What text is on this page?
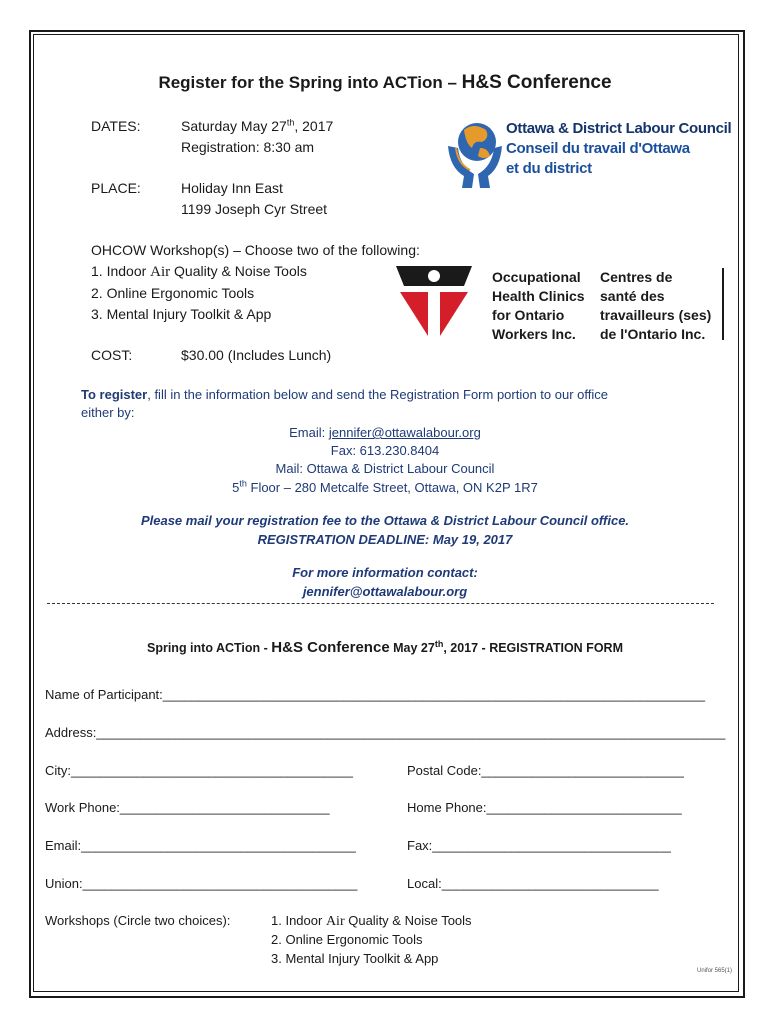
Register for the Spring into ACTion – H&S Conference
DATES:	Saturday May 27th, 2017
Registration: 8:30 am
PLACE:	Holiday Inn East
1199 Joseph Cyr Street
Ottawa & District Labour Council
Conseil du travail d'Ottawa
et du district
OHCOW Workshop(s) – Choose two of the following:
1. Indoor Air Quality & Noise Tools
2. Online Ergonomic Tools
3. Mental Injury Toolkit & App
Occupational
Health Clinics
for Ontario
Workers Inc.
Centres de
santé des
travailleurs (ses)
de l'Ontario Inc.
COST:	$30.00 (Includes Lunch)
To register, fill in the information below and send the Registration Form portion to our office
either by:
Email: jennifer@ottawalabour.org
Fax: 613.230.8404
Mail: Ottawa & District Labour Council
5th Floor – 280 Metcalfe Street, Ottawa, ON K2P 1R7
Please mail your registration fee to the Ottawa & District Labour Council office.
REGISTRATION DEADLINE: May 19, 2017
For more information contact:
jennifer@ottawalabour.org
Spring into ACTion - H&S Conference May 27th, 2017 - REGISTRATION FORM
Name of Participant:___________________________________________________________________________
Address:_______________________________________________________________________________________
City:_______________________________________	Postal Code:____________________________
Work Phone:_____________________________	Home Phone:___________________________
Email:______________________________________	Fax:_________________________________
Union:______________________________________	Local:______________________________
Workshops (Circle two choices):	1. Indoor Air Quality & Noise Tools
2. Online Ergonomic Tools
3. Mental Injury Toolkit & App
Unifor 565(1)
